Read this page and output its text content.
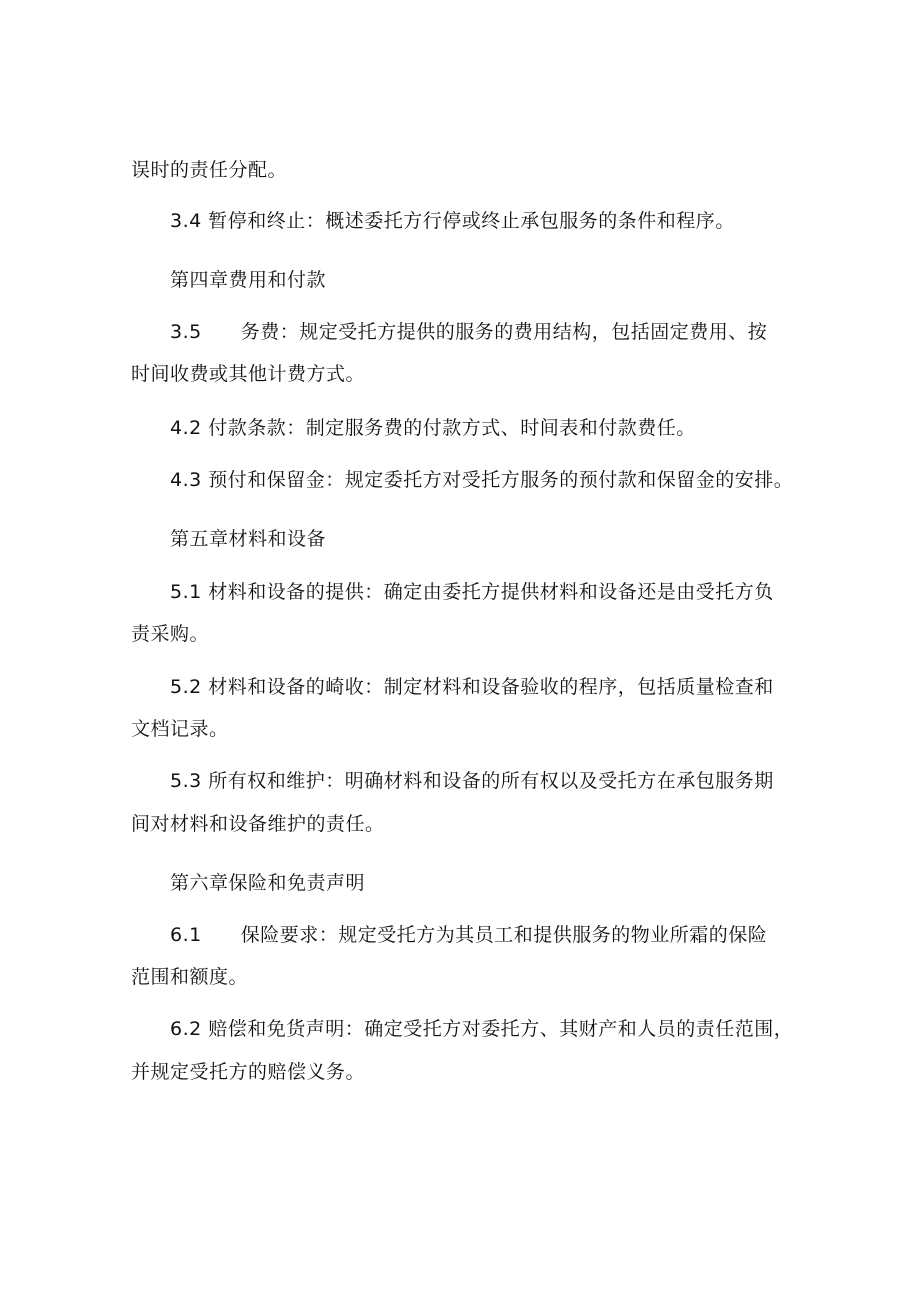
误时的责任分配。
3.4 暂停和终止：概述委托方行停或终止承包服务的条件和程序。
第四章费用和付款
3.5　　务费：规定受托方提供的服务的费用结构，包括固定费用、按
时间收费或其他计费方式。
4.2 付款条款：制定服务费的付款方式、时间表和付款费任。
4.3 预付和保留金：规定委托方对受托方服务的预付款和保留金的安排。
第五章材料和设备
5.1 材料和设备的提供：确定由委托方提供材料和设备还是由受托方负
责采购。
5.2 材料和设备的崎收：制定材料和设备验收的程序，包括质量检查和
文档记录。
5.3 所有权和维护：明确材料和设备的所有权以及受托方在承包服务期
间对材料和设备维护的责任。
第六章保险和免责声明
6.1　　保险要求：规定受托方为其员工和提供服务的物业所霜的保险
范围和额度。
6.2 赔偿和免货声明：确定受托方对委托方、其财产和人员的责任范围，
并规定受托方的赔偿义务。
